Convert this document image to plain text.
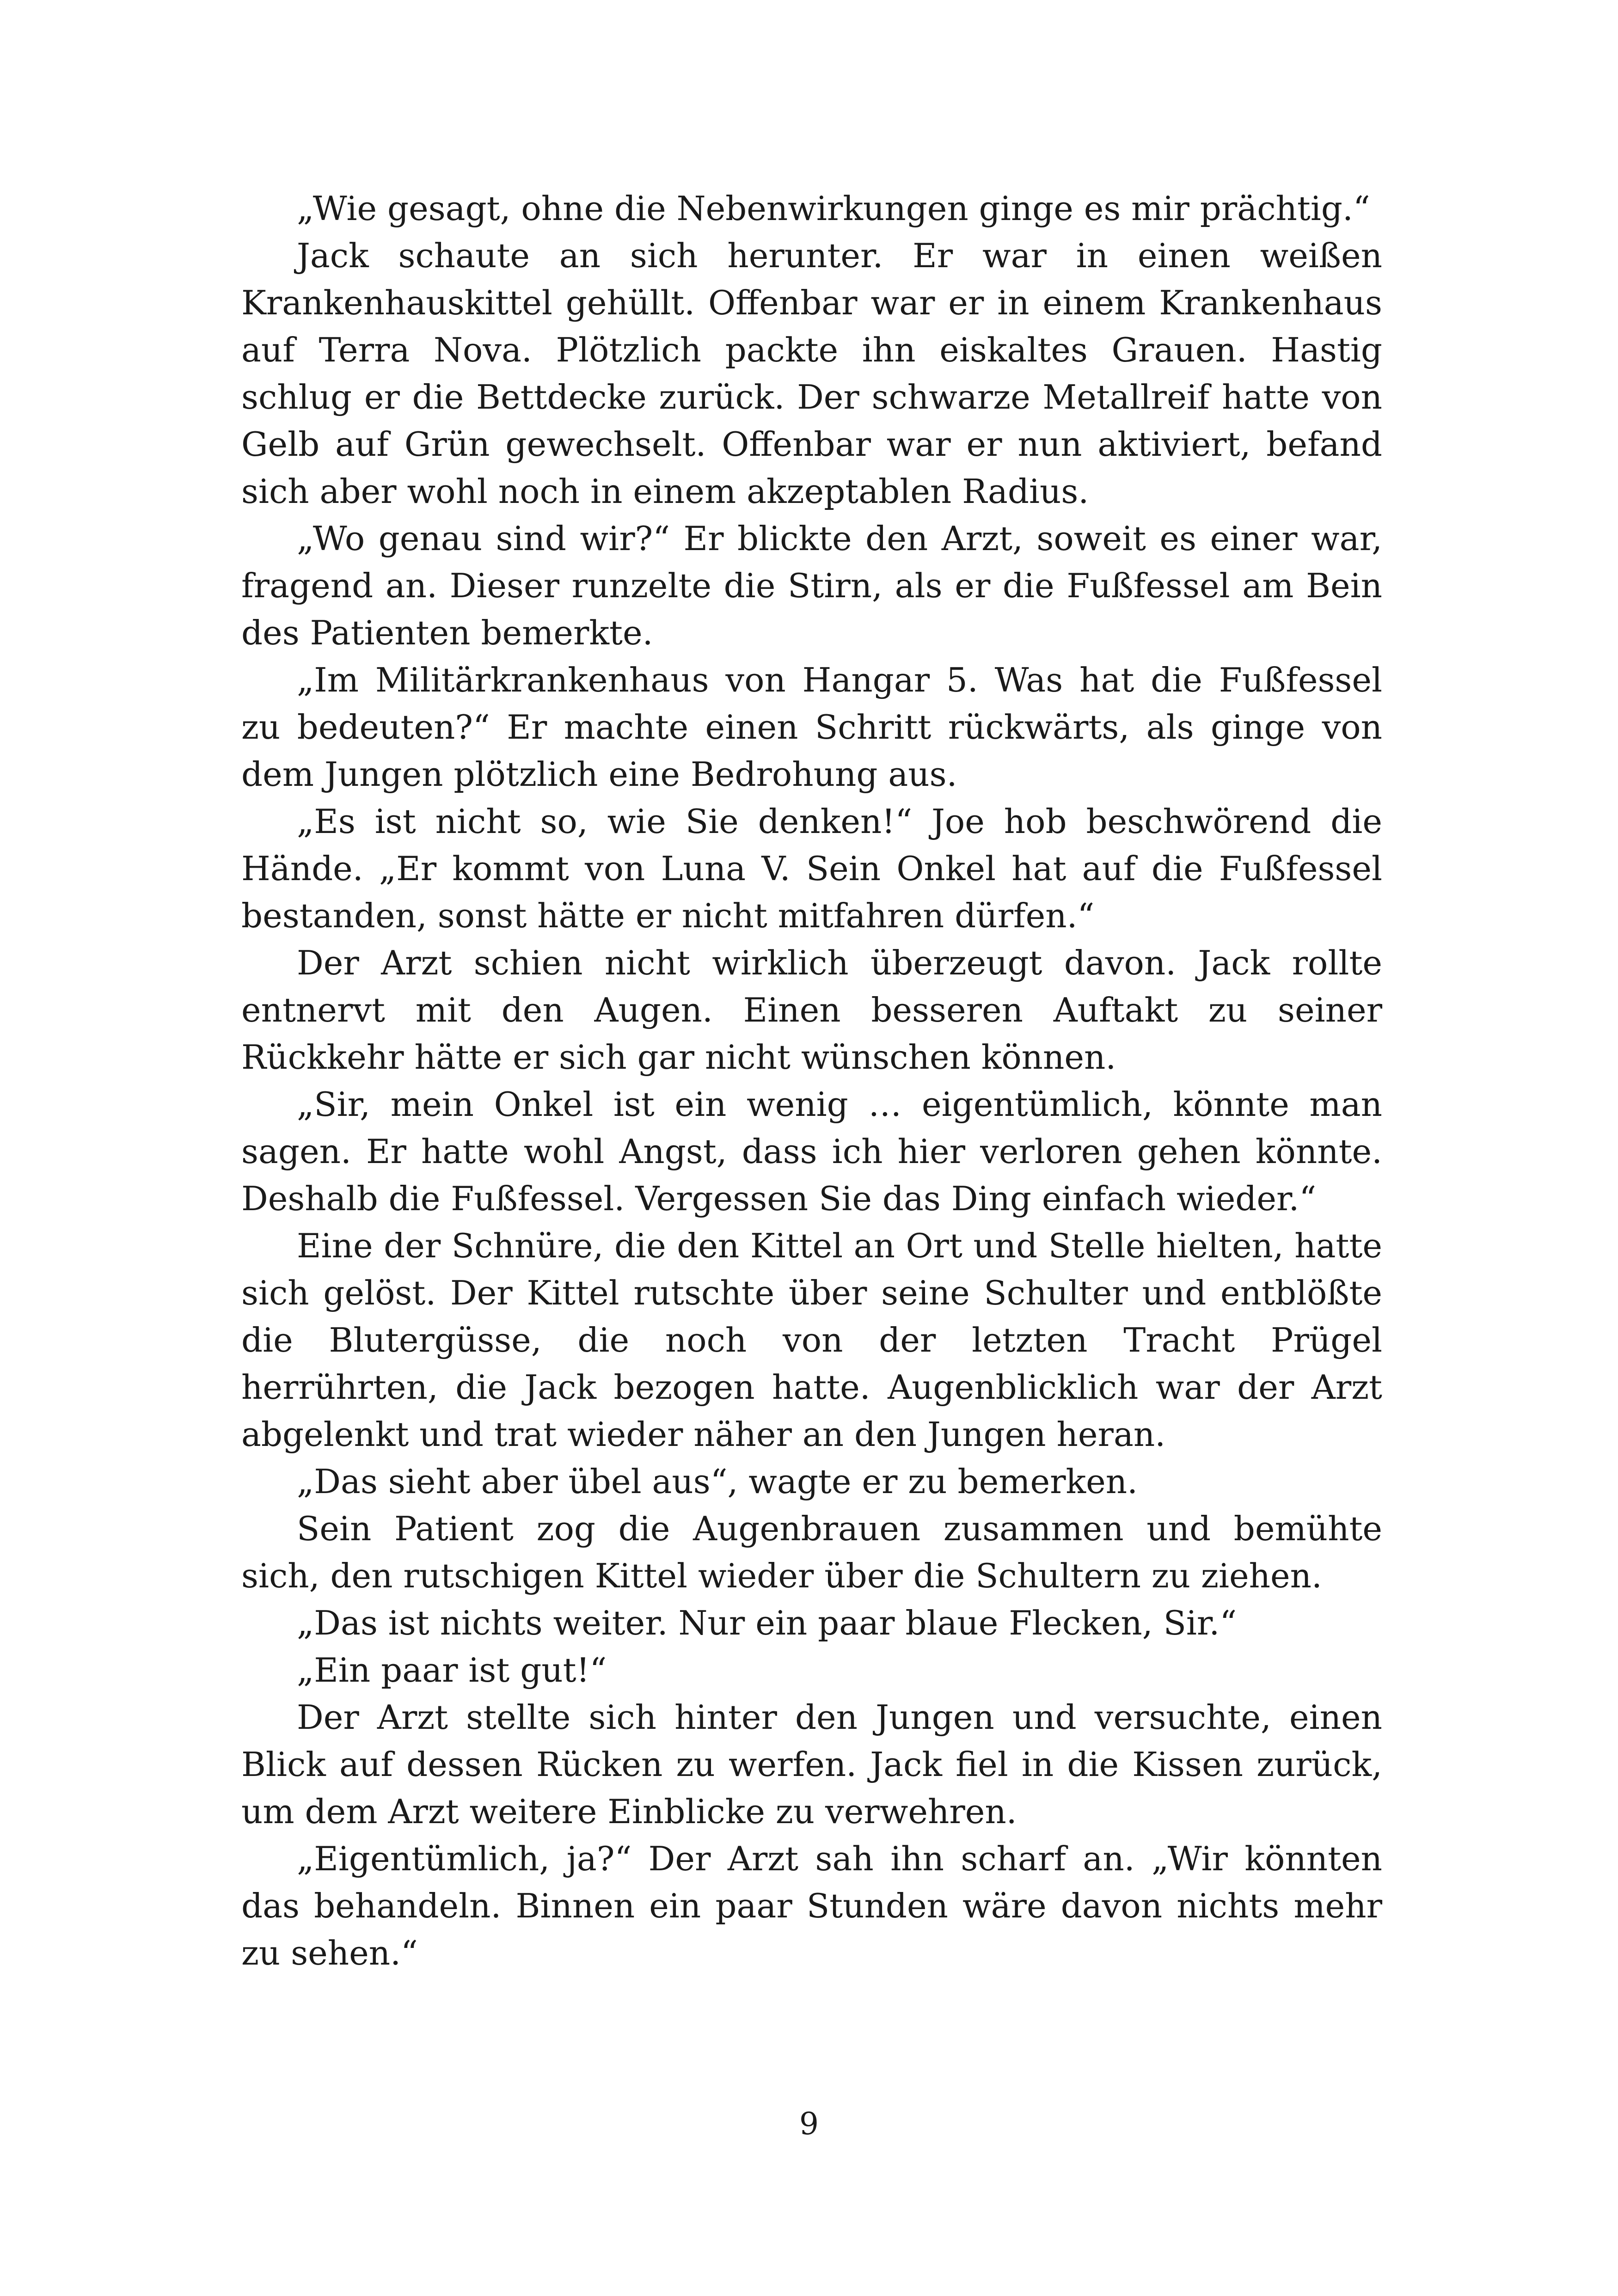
„Wie gesagt, ohne die Nebenwirkungen ginge es mir prächtig.“

Jack schaute an sich herunter. Er war in einen weißen Krankenhauskittel gehüllt. Offenbar war er in einem Krankenhaus auf Terra Nova. Plötzlich packte ihn eiskaltes Grauen. Hastig schlug er die Bettdecke zurück. Der schwarze Metallreif hatte von Gelb auf Grün gewechselt. Offenbar war er nun aktiviert, befand sich aber wohl noch in einem akzeptablen Radius.

„Wo genau sind wir?“ Er blickte den Arzt, soweit es einer war, fragend an. Dieser runzelte die Stirn, als er die Fußfessel am Bein des Patienten bemerkte.

„Im Militärkrankenhaus von Hangar 5. Was hat die Fußfessel zu bedeuten?“ Er machte einen Schritt rückwärts, als ginge von dem Jungen plötzlich eine Bedrohung aus.

„Es ist nicht so, wie Sie denken!“ Joe hob beschwörend die Hände. „Er kommt von Luna V. Sein Onkel hat auf die Fußfessel bestanden, sonst hätte er nicht mitfahren dürfen.“

Der Arzt schien nicht wirklich überzeugt davon. Jack rollte entnervt mit den Augen. Einen besseren Auftakt zu seiner Rückkehr hätte er sich gar nicht wünschen können.

„Sir, mein Onkel ist ein wenig … eigentümlich, könnte man sagen. Er hatte wohl Angst, dass ich hier verloren gehen könnte. Deshalb die Fußfessel. Vergessen Sie das Ding einfach wieder.“

Eine der Schnüre, die den Kittel an Ort und Stelle hielten, hatte sich gelöst. Der Kittel rutschte über seine Schulter und entblößte die Blutergüsse, die noch von der letzten Tracht Prügel herrührten, die Jack bezogen hatte. Augenblicklich war der Arzt abgelenkt und trat wieder näher an den Jungen heran.

„Das sieht aber übel aus“, wagte er zu bemerken.

Sein Patient zog die Augenbrauen zusammen und bemühte sich, den rutschigen Kittel wieder über die Schultern zu ziehen.

„Das ist nichts weiter. Nur ein paar blaue Flecken, Sir.“

„Ein paar ist gut!“

Der Arzt stellte sich hinter den Jungen und versuchte, einen Blick auf dessen Rücken zu werfen. Jack fiel in die Kissen zurück, um dem Arzt weitere Einblicke zu verwehren.

„Eigentümlich, ja?“ Der Arzt sah ihn scharf an. „Wir könnten das behandeln. Binnen ein paar Stunden wäre davon nichts mehr zu sehen.“

9
